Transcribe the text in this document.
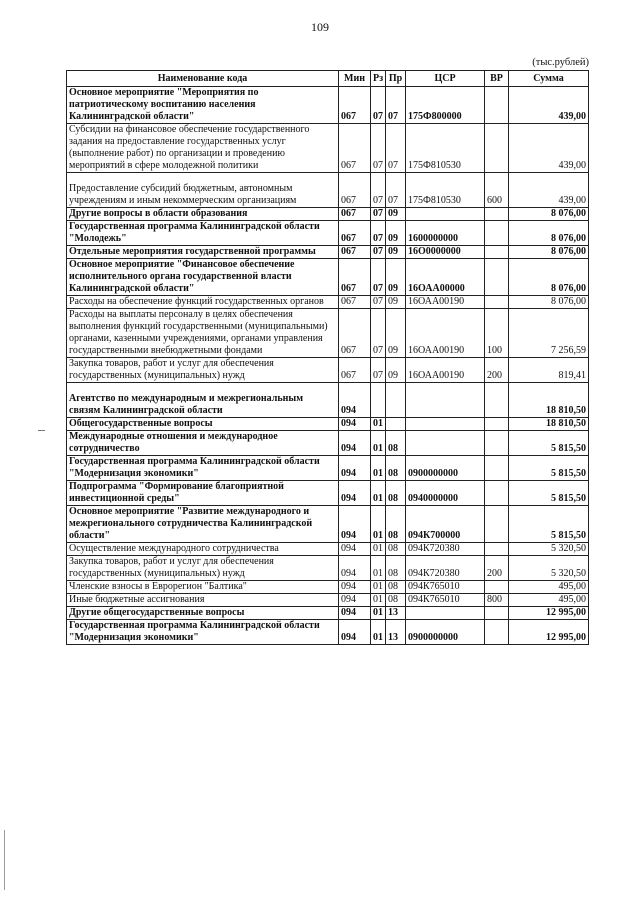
109
(тыс.рублей)
Наименование кода	Мин	Рз	Пр	ЦСР	ВР	Сумма
Основное мероприятие "Мероприятия по патриотическому воспитанию населения Калининградской области"	067	07	07	175Ф800000		439,00
Субсидии на финансовое обеспечение государственного задания на предоставление государственных услуг (выполнение работ) по организации и проведению мероприятий в сфере молодежной политики	067	07	07	175Ф810530		439,00
Предоставление субсидий бюджетным, автономным учреждениям и иным некоммерческим организациям	067	07	07	175Ф810530	600	439,00
Другие вопросы в области образования	067	07	09			8 076,00
Государственная программа Калининградской области "Молодежь"	067	07	09	1600000000		8 076,00
Отдельные мероприятия государственной программы	067	07	09	16О0000000		8 076,00
Основное мероприятие "Финансовое обеспечение исполнительного органа государственной власти Калининградской области"	067	07	09	16ОАА00000		8 076,00
Расходы на обеспечение функций государственных органов	067	07	09	16ОАА00190		8 076,00
Расходы на выплаты персоналу в целях обеспечения выполнения функций государственными (муниципальными) органами, казенными учреждениями, органами управления государственными внебюджетными фондами	067	07	09	16ОАА00190	100	7 256,59
Закупка товаров, работ и услуг для обеспечения государственных (муниципальных) нужд	067	07	09	16ОАА00190	200	819,41
Агентство по международным и межрегиональным связям Калининградской области	094					18 810,50
Общегосударственные вопросы	094	01				18 810,50
Международные отношения и международное сотрудничество	094	01	08			5 815,50
Государственная программа Калининградской области "Модернизация экономики"	094	01	08	0900000000		5 815,50
Подпрограмма "Формирование благоприятной инвестиционной среды"	094	01	08	0940000000		5 815,50
Основное мероприятие "Развитие международного и межрегионального сотрудничества Калининградской области"	094	01	08	094К700000		5 815,50
Осуществление международного сотрудничества	094	01	08	094К720380		5 320,50
Закупка товаров, работ и услуг для обеспечения государственных (муниципальных) нужд	094	01	08	094К720380	200	5 320,50
Членские взносы в Еврорегион "Балтика"	094	01	08	094К765010		495,00
Иные бюджетные ассигнования	094	01	08	094К765010	800	495,00
Другие общегосударственные вопросы	094	01	13			12 995,00
Государственная программа Калининградской области "Модернизация экономики"	094	01	13	0900000000		12 995,00
